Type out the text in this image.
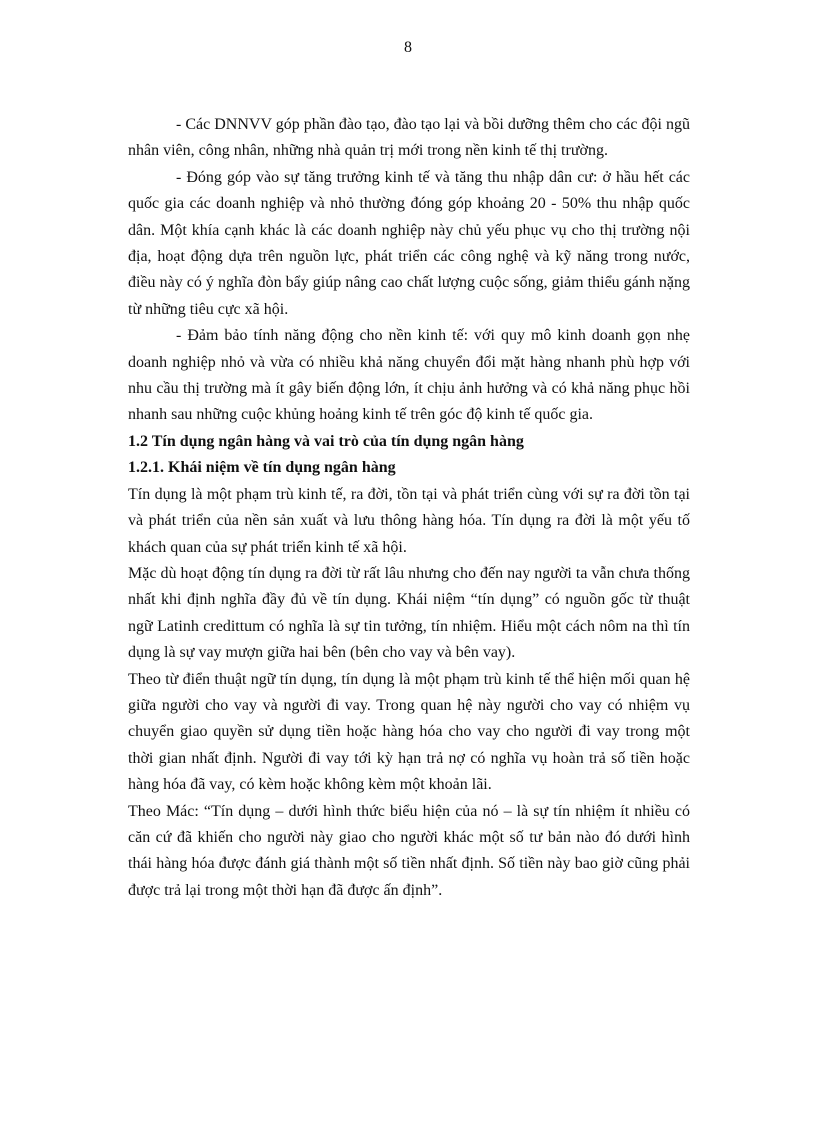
8

- Các DNNVV góp phần đào tạo, đào tạo lại và bồi dưỡng thêm cho các đội ngũ nhân viên, công nhân, những nhà quản trị mới trong nền kinh tế thị trường.

- Đóng góp vào sự tăng trưởng kinh tế và tăng thu nhập dân cư: ở hầu hết các quốc gia các doanh nghiệp và nhỏ thường đóng góp khoảng 20 - 50% thu nhập quốc dân. Một khía cạnh khác là các doanh nghiệp này chủ yếu phục vụ cho thị trường nội địa, hoạt động dựa trên nguồn lực, phát triển các công nghệ và kỹ năng trong nước, điều này có ý nghĩa đòn bẩy giúp nâng cao chất lượng cuộc sống, giảm thiểu gánh nặng từ những tiêu cực xã hội.

- Đảm bảo tính năng động cho nền kinh tế: với quy mô kinh doanh gọn nhẹ doanh nghiệp nhỏ và vừa có nhiều khả năng chuyển đổi mặt hàng nhanh phù hợp với nhu cầu thị trường mà ít gây biến động lớn, ít chịu ảnh hưởng và có khả năng phục hồi nhanh sau những cuộc khủng hoảng kinh tế trên góc độ kinh tế quốc gia.

1.2 Tín dụng ngân hàng và vai trò của tín dụng ngân hàng
1.2.1. Khái niệm về tín dụng ngân hàng

Tín dụng là một phạm trù kinh tế, ra đời, tồn tại và phát triển cùng với sự ra đời tồn tại và phát triển của nền sản xuất và lưu thông hàng hóa. Tín dụng ra đời là một yếu tố khách quan của sự phát triển kinh tế xã hội.

Mặc dù hoạt động tín dụng ra đời từ rất lâu nhưng cho đến nay người ta vẫn chưa thống nhất khi định nghĩa đầy đủ về tín dụng. Khái niệm “tín dụng” có nguồn gốc từ thuật ngữ Latinh credittum có nghĩa là sự tin tưởng, tín nhiệm. Hiểu một cách nôm na thì tín dụng là sự vay mượn giữa hai bên (bên cho vay và bên vay).

Theo từ điển thuật ngữ tín dụng, tín dụng là một phạm trù kinh tế thể hiện mối quan hệ giữa người cho vay và người đi vay. Trong quan hệ này người cho vay có nhiệm vụ chuyển giao quyền sử dụng tiền hoặc hàng hóa cho vay cho người đi vay trong một thời gian nhất định. Người đi vay tới kỳ hạn trả nợ có nghĩa vụ hoàn trả số tiền hoặc hàng hóa đã vay, có kèm hoặc không kèm một khoản lãi.

Theo Mác: “Tín dụng – dưới hình thức biểu hiện của nó – là sự tín nhiệm ít nhiều có căn cứ đã khiến cho người này giao cho người khác một số tư bản nào đó dưới hình thái hàng hóa được đánh giá thành một số tiền nhất định. Số tiền này bao giờ cũng phải được trả lại trong một thời hạn đã được ấn định”.
